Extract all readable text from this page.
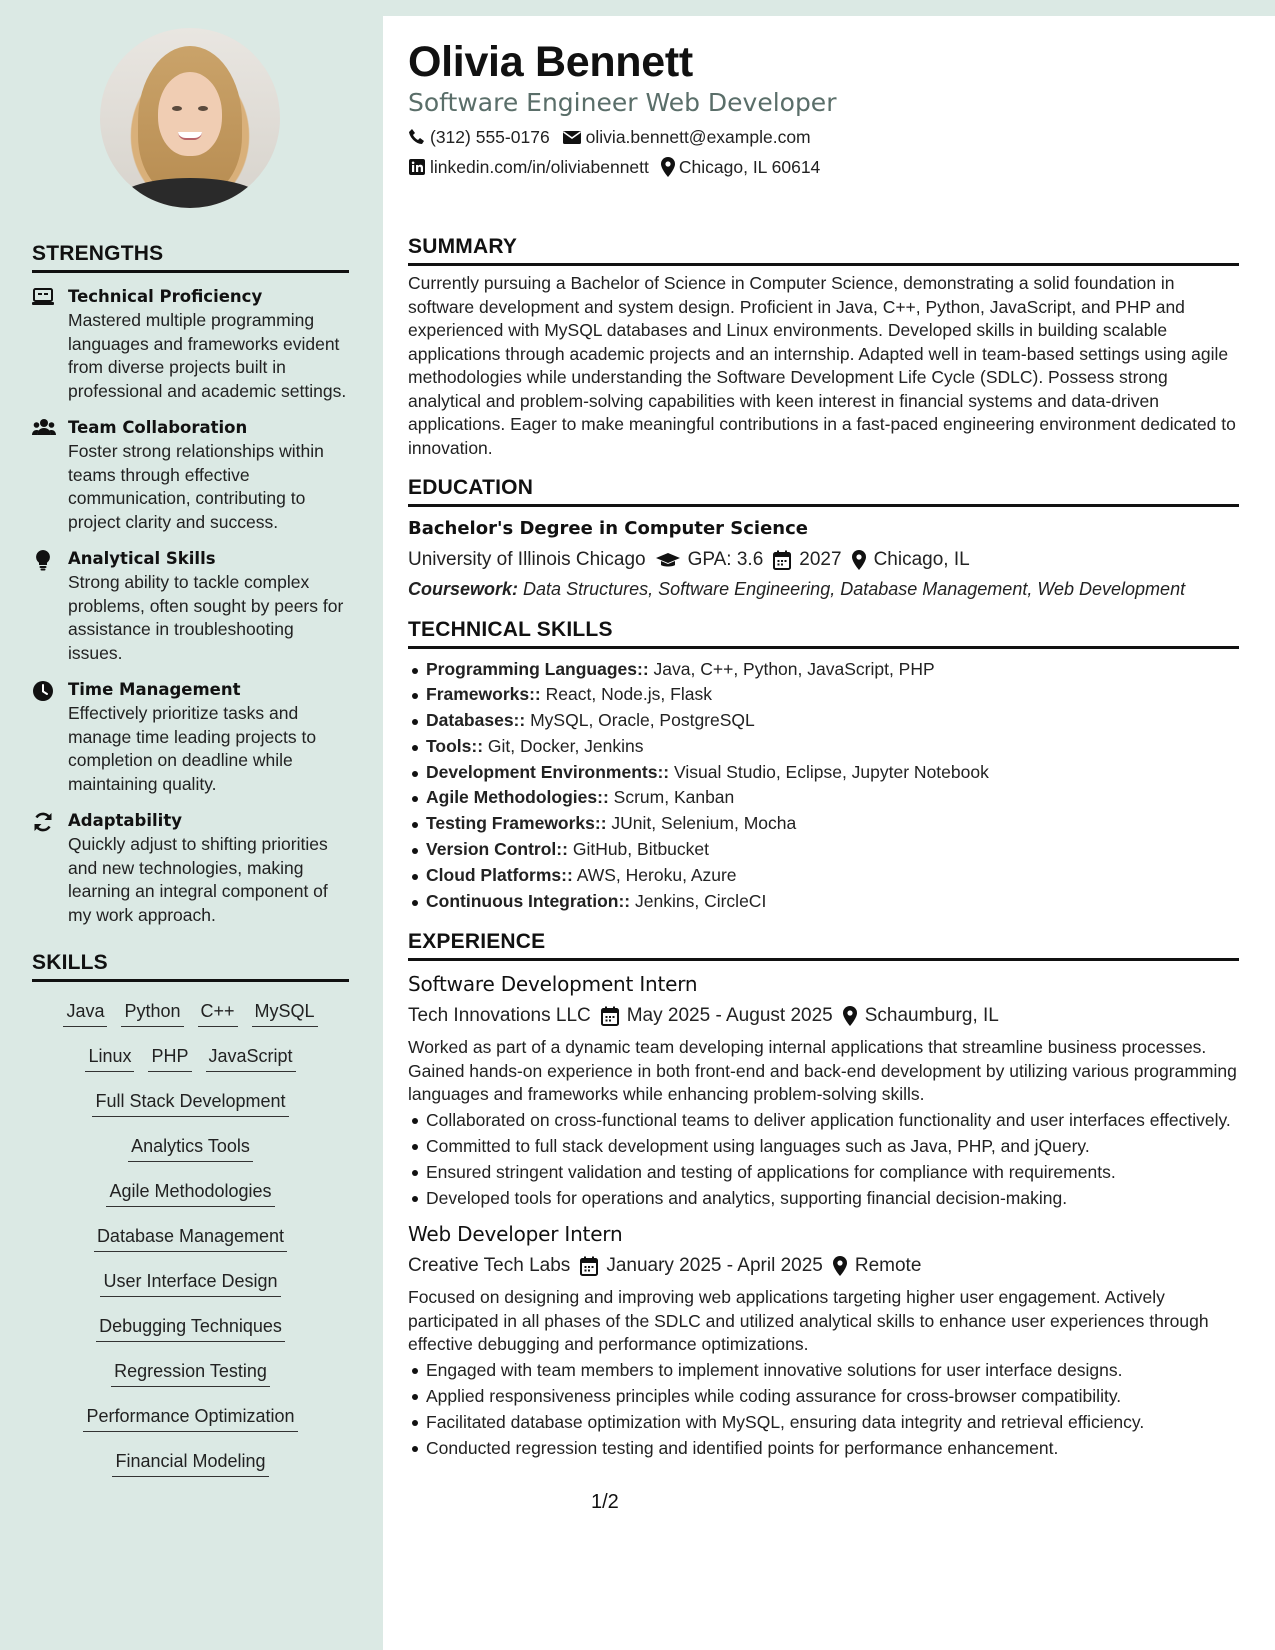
STRENGTHS
Technical Proficiency
Mastered multiple programming languages and frameworks evident from diverse projects built in professional and academic settings.
Team Collaboration
Foster strong relationships within teams through effective communication, contributing to project clarity and success.
Analytical Skills
Strong ability to tackle complex problems, often sought by peers for assistance in troubleshooting issues.
Time Management
Effectively prioritize tasks and manage time leading projects to completion on deadline while maintaining quality.
Adaptability
Quickly adjust to shifting priorities and new technologies, making learning an integral component of my work approach.
SKILLS
Java Python C++ MySQL
Linux PHP JavaScript
Full Stack Development
Analytics Tools
Agile Methodologies
Database Management
User Interface Design
Debugging Techniques
Regression Testing
Performance Optimization
Financial Modeling
Olivia Bennett
Software Engineer Web Developer
(312) 555-0176 olivia.bennett@example.com
linkedin.com/in/oliviabennett Chicago, IL 60614
SUMMARY
Currently pursuing a Bachelor of Science in Computer Science, demonstrating a solid foundation in software development and system design. Proficient in Java, C++, Python, JavaScript, and PHP and experienced with MySQL databases and Linux environments. Developed skills in building scalable applications through academic projects and an internship. Adapted well in team-based settings using agile methodologies while understanding the Software Development Life Cycle (SDLC). Possess strong analytical and problem-solving capabilities with keen interest in financial systems and data-driven applications. Eager to make meaningful contributions in a fast-paced engineering environment dedicated to innovation.
EDUCATION
Bachelor's Degree in Computer Science
University of Illinois Chicago GPA: 3.6 2027 Chicago, IL
Coursework: Data Structures, Software Engineering, Database Management, Web Development
TECHNICAL SKILLS
Programming Languages:: Java, C++, Python, JavaScript, PHP
Frameworks:: React, Node.js, Flask
Databases:: MySQL, Oracle, PostgreSQL
Tools:: Git, Docker, Jenkins
Development Environments:: Visual Studio, Eclipse, Jupyter Notebook
Agile Methodologies:: Scrum, Kanban
Testing Frameworks:: JUnit, Selenium, Mocha
Version Control:: GitHub, Bitbucket
Cloud Platforms:: AWS, Heroku, Azure
Continuous Integration:: Jenkins, CircleCI
EXPERIENCE
Software Development Intern
Tech Innovations LLC May 2025 - August 2025 Schaumburg, IL
Worked as part of a dynamic team developing internal applications that streamline business processes. Gained hands-on experience in both front-end and back-end development by utilizing various programming languages and frameworks while enhancing problem-solving skills.
Collaborated on cross-functional teams to deliver application functionality and user interfaces effectively.
Committed to full stack development using languages such as Java, PHP, and jQuery.
Ensured stringent validation and testing of applications for compliance with requirements.
Developed tools for operations and analytics, supporting financial decision-making.
Web Developer Intern
Creative Tech Labs January 2025 - April 2025 Remote
Focused on designing and improving web applications targeting higher user engagement. Actively participated in all phases of the SDLC and utilized analytical skills to enhance user experiences through effective debugging and performance optimizations.
Engaged with team members to implement innovative solutions for user interface designs.
Applied responsiveness principles while coding assurance for cross-browser compatibility.
Facilitated database optimization with MySQL, ensuring data integrity and retrieval efficiency.
Conducted regression testing and identified points for performance enhancement.
1/2
